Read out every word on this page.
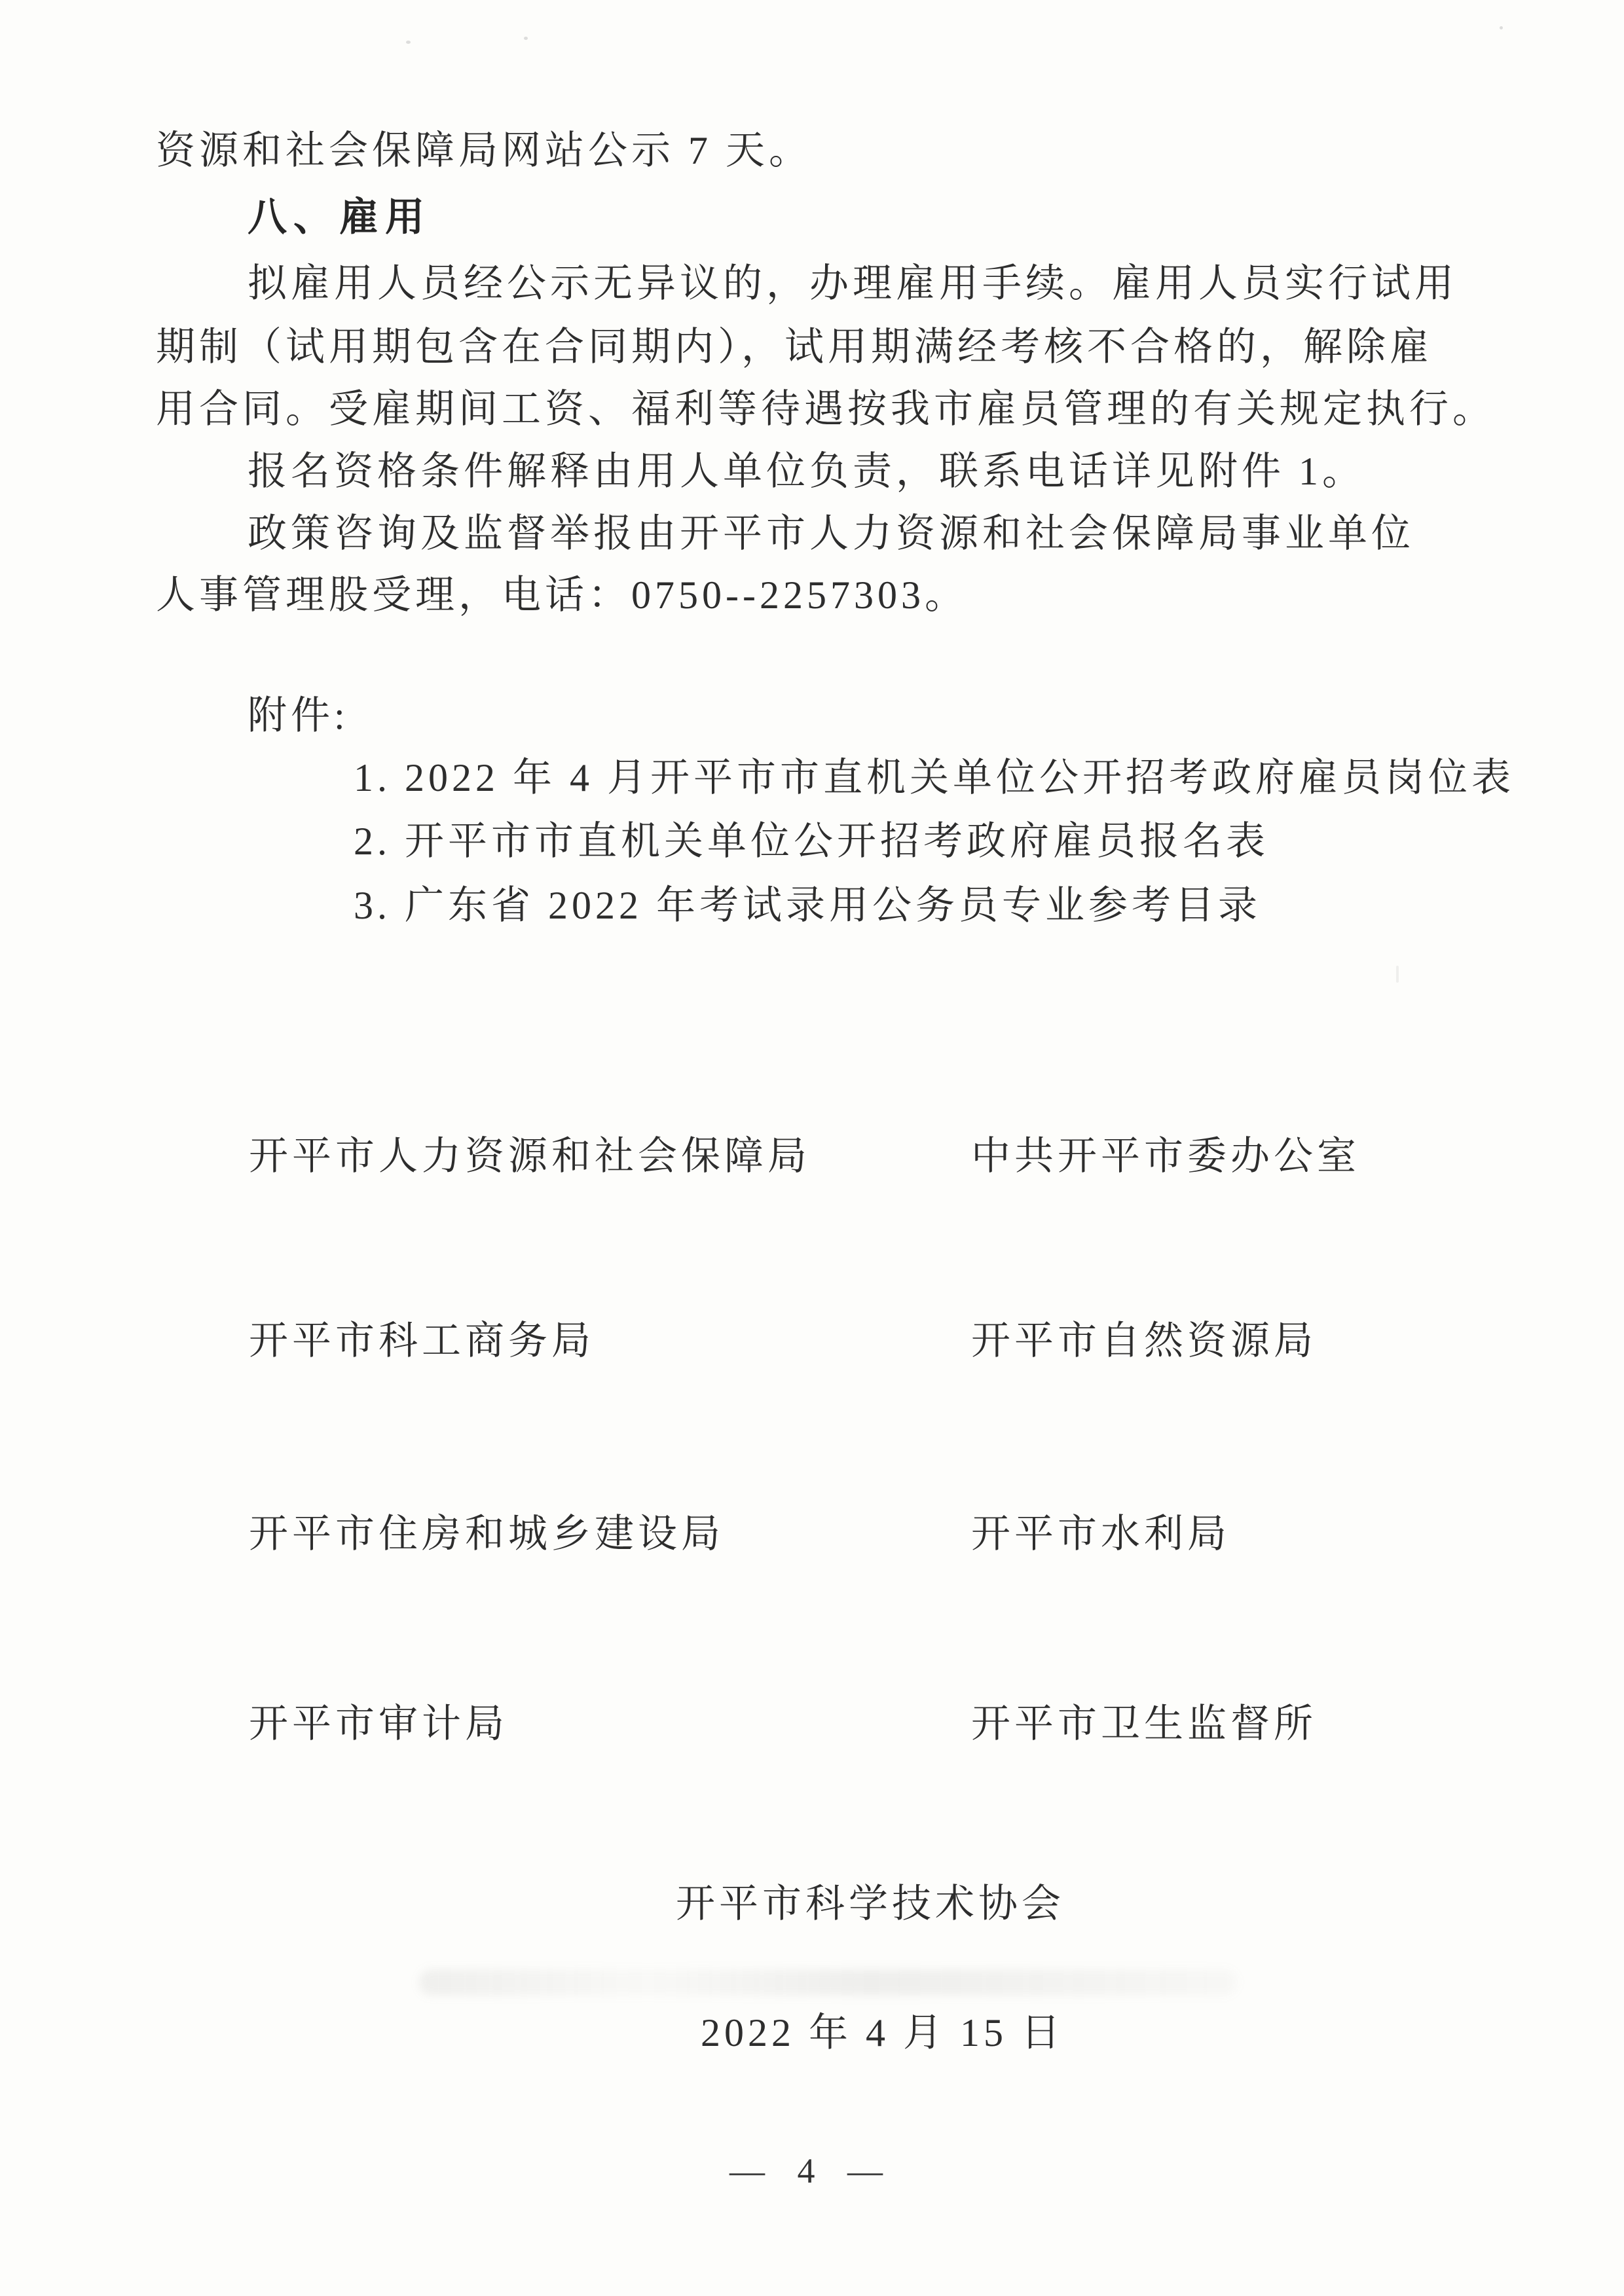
资源和社会保障局网站公示 7 天。

八、雇用

拟雇用人员经公示无异议的，办理雇用手续。雇用人员实行试用

期制（试用期包含在合同期内），试用期满经考核不合格的，解除雇

用合同。受雇期间工资、福利等待遇按我市雇员管理的有关规定执行。

报名资格条件解释由用人单位负责，联系电话详见附件 1。

政策咨询及监督举报由开平市人力资源和社会保障局事业单位

人事管理股受理，电话：0750--2257303。

附件:

1. 2022 年 4 月开平市市直机关单位公开招考政府雇员岗位表

2. 开平市市直机关单位公开招考政府雇员报名表

3. 广东省 2022 年考试录用公务员专业参考目录

开平市人力资源和社会保障局	中共开平市委办公室

开平市科工商务局	开平市自然资源局

开平市住房和城乡建设局	开平市水利局

开平市审计局	开平市卫生监督所

开平市科学技术协会

2022 年 4 月 15 日

— 4 —
